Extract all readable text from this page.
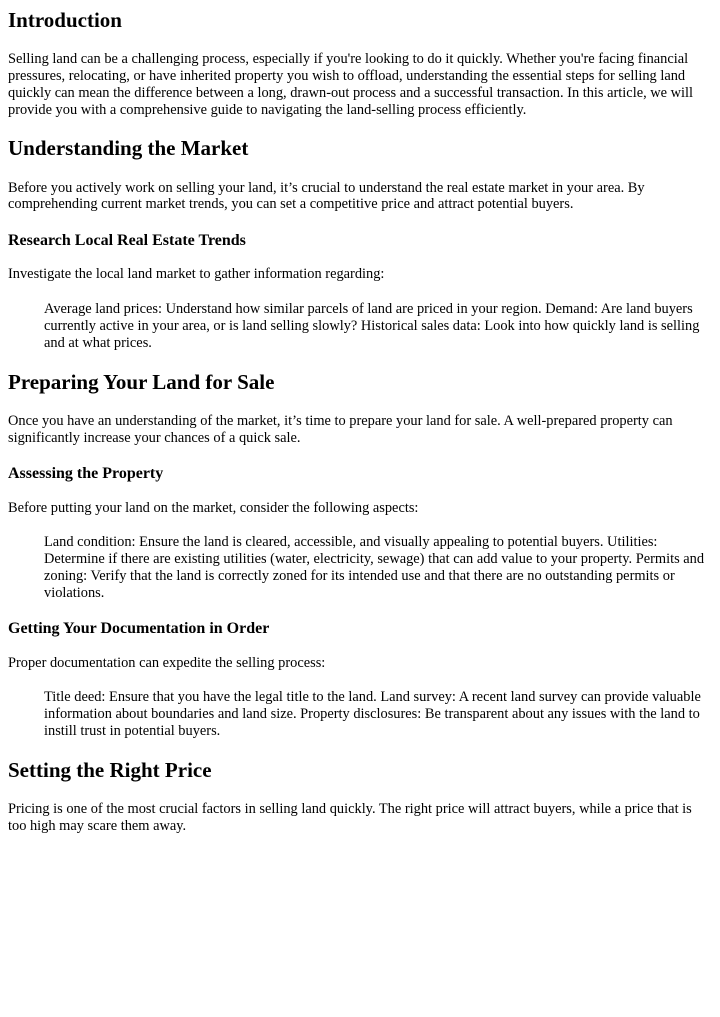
Introduction

Selling land can be a challenging process, especially if you're looking to do it quickly. Whether you're facing financial pressures, relocating, or have inherited property you wish to offload, understanding the essential steps for selling land quickly can mean the difference between a long, drawn-out process and a successful transaction. In this article, we will provide you with a comprehensive guide to navigating the land-selling process efficiently.

Understanding the Market

Before you actively work on selling your land, it’s crucial to understand the real estate market in your area. By comprehending current market trends, you can set a competitive price and attract potential buyers.

Research Local Real Estate Trends

Investigate the local land market to gather information regarding:

Average land prices: Understand how similar parcels of land are priced in your region. Demand: Are land buyers currently active in your area, or is land selling slowly? Historical sales data: Look into how quickly land is selling and at what prices.
Preparing Your Land for Sale

Once you have an understanding of the market, it’s time to prepare your land for sale. A well-prepared property can significantly increase your chances of a quick sale.

Assessing the Property

Before putting your land on the market, consider the following aspects:

Land condition: Ensure the land is cleared, accessible, and visually appealing to potential buyers. Utilities: Determine if there are existing utilities (water, electricity, sewage) that can add value to your property. Permits and zoning: Verify that the land is correctly zoned for its intended use and that there are no outstanding permits or violations.
Getting Your Documentation in Order

Proper documentation can expedite the selling process:

Title deed: Ensure that you have the legal title to the land. Land survey: A recent land survey can provide valuable information about boundaries and land size. Property disclosures: Be transparent about any issues with the land to instill trust in potential buyers.
Setting the Right Price

Pricing is one of the most crucial factors in selling land quickly. The right price will attract buyers, while a price that is too high may scare them away.
